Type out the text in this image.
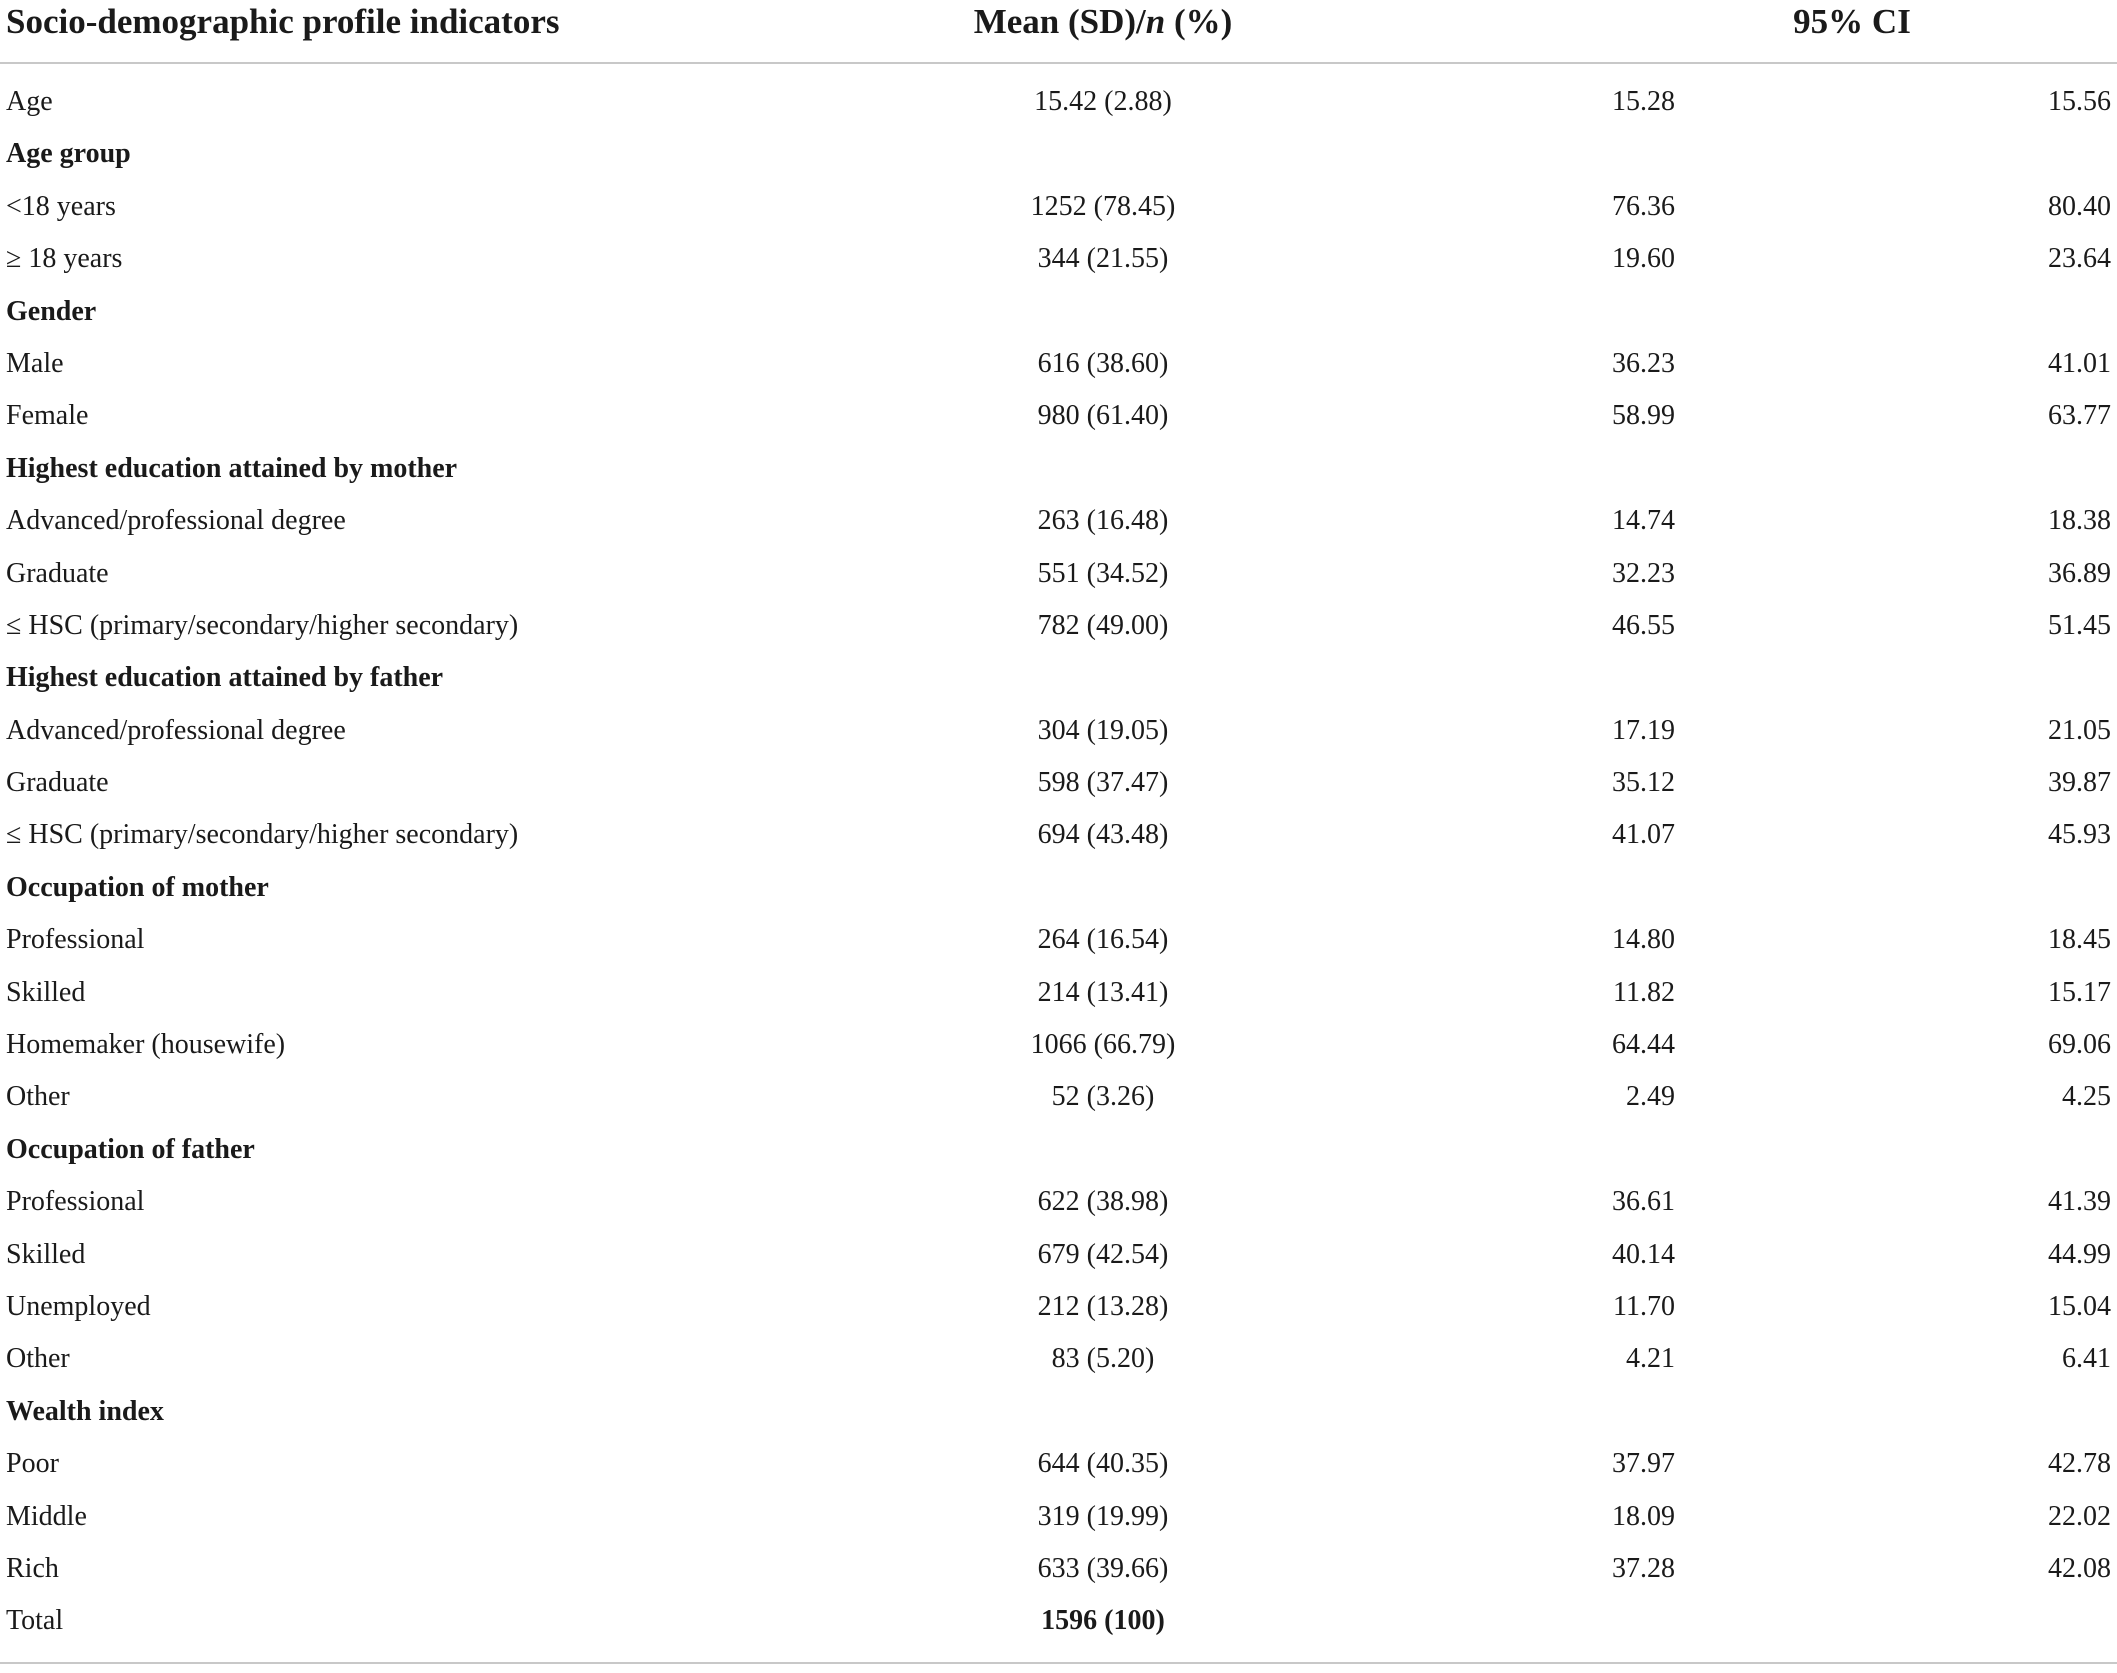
Socio-demographic profile indicators	Mean (SD)/n (%)	95% CI
Age	15.42 (2.88)	15.28	15.56
Age group
<18 years	1252 (78.45)	76.36	80.40
≥ 18 years	344 (21.55)	19.60	23.64
Gender
Male	616 (38.60)	36.23	41.01
Female	980 (61.40)	58.99	63.77
Highest education attained by mother
Advanced/professional degree	263 (16.48)	14.74	18.38
Graduate	551 (34.52)	32.23	36.89
≤ HSC (primary/secondary/higher secondary)	782 (49.00)	46.55	51.45
Highest education attained by father
Advanced/professional degree	304 (19.05)	17.19	21.05
Graduate	598 (37.47)	35.12	39.87
≤ HSC (primary/secondary/higher secondary)	694 (43.48)	41.07	45.93
Occupation of mother
Professional	264 (16.54)	14.80	18.45
Skilled	214 (13.41)	11.82	15.17
Homemaker (housewife)	1066 (66.79)	64.44	69.06
Other	52 (3.26)	2.49	4.25
Occupation of father
Professional	622 (38.98)	36.61	41.39
Skilled	679 (42.54)	40.14	44.99
Unemployed	212 (13.28)	11.70	15.04
Other	83 (5.20)	4.21	6.41
Wealth index
Poor	644 (40.35)	37.97	42.78
Middle	319 (19.99)	18.09	22.02
Rich	633 (39.66)	37.28	42.08
Total	1596 (100)
